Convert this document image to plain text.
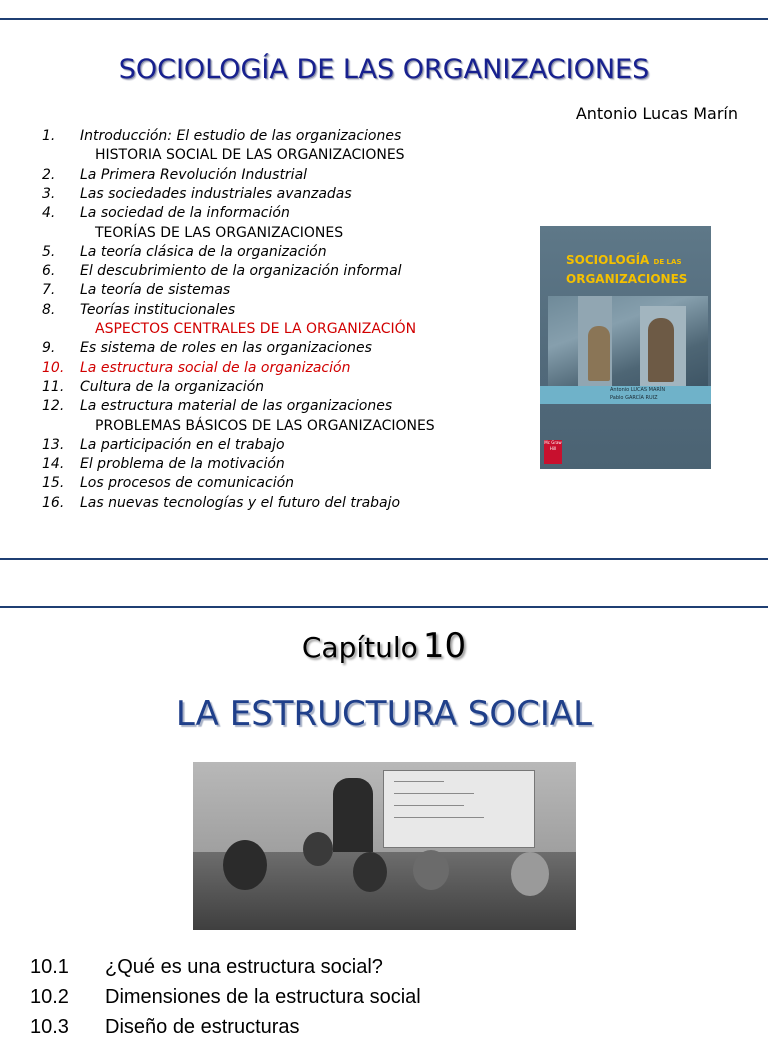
SOCIOLOGÍA DE LAS ORGANIZACIONES
Antonio Lucas Marín
1. Introducción: El estudio de las organizaciones
HISTORIA SOCIAL DE LAS ORGANIZACIONES
2. La Primera Revolución Industrial
3. Las sociedades industriales avanzadas
4. La sociedad de la información
TEORÍAS DE LAS ORGANIZACIONES
5. La teoría clásica de la organización
6. El descubrimiento de la organización informal
7. La teoría de sistemas
8. Teorías institucionales
ASPECTOS CENTRALES DE LA ORGANIZACIÓN
9. Es sistema de roles en las organizaciones
10. La estructura social de la organización
11. Cultura de la organización
12. La estructura material de las organizaciones
PROBLEMAS BÁSICOS DE LAS ORGANIZACIONES
13. La participación en el trabajo
14. El problema de la motivación
15. Los procesos de comunicación
16. Las nuevas tecnologías y el futuro del trabajo
SOCIOLOGÍA DE LAS
ORGANIZACIONES
Antonio LUCAS MARÍN
Pablo GARCÍA RUIZ
Mc Graw Hill
Capítulo 10
LA ESTRUCTURA SOCIAL
10.1 ¿Qué es una estructura social?
10.2 Dimensiones de la estructura social
10.3 Diseño de estructuras
